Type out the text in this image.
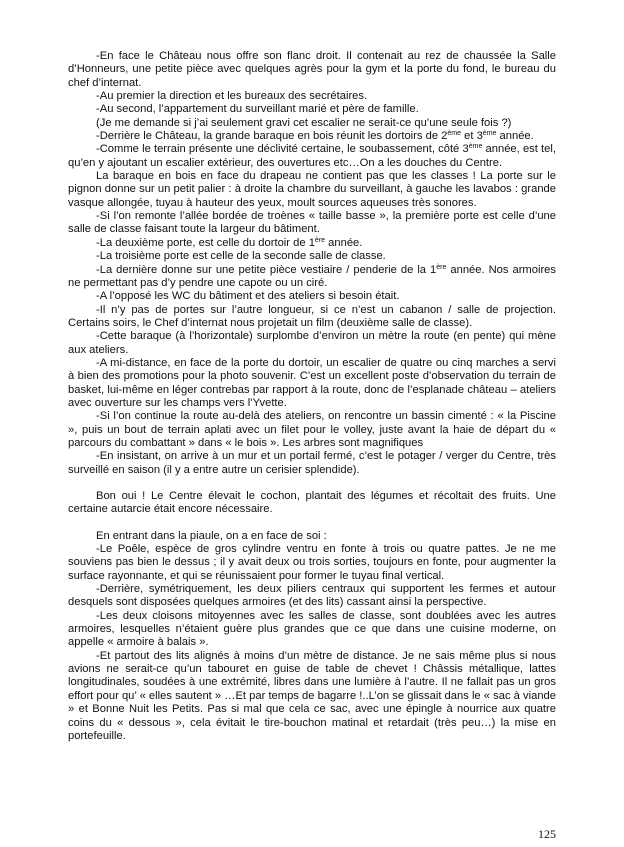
-En face le Château nous offre son flanc droit. Il contenait au rez de chaussée la Salle d’Honneurs, une petite pièce avec quelques agrès pour la gym et la porte du fond, le bureau du chef d’internat.

-Au premier la direction et les bureaux des secrétaires.

-Au second, l’appartement du surveillant marié et père de famille.

(Je me demande si j’ai seulement gravi cet escalier ne serait-ce qu’une seule fois ?)

-Derrière le Château, la grande baraque en bois réunit les dortoirs de 2ème et 3ème année.

-Comme le terrain présente une déclivité certaine, le soubassement, côté 3ème année, est tel, qu’en y ajoutant un escalier extérieur, des ouvertures etc…On a les douches du Centre.

La baraque en bois en face du drapeau ne contient pas que les classes ! La porte sur le pignon donne sur un petit palier : à droite la chambre du surveillant, à gauche les lavabos : grande vasque allongée, tuyau à hauteur des yeux, moult sources aqueuses très sonores.

-Si l’on remonte l’allée bordée de troènes « taille basse », la première porte est celle d’une salle de classe faisant toute la largeur du bâtiment.

-La deuxième porte, est celle du dortoir de 1ère année.

-La troisième porte est celle de la seconde salle de classe.

-La dernière donne sur une petite pièce vestiaire / penderie de la 1ère année. Nos armoires ne permettant pas d’y pendre une capote ou un ciré.

-A l’opposé les WC du bâtiment et des ateliers si besoin était.

-Il n’y pas de portes sur l’autre longueur, si ce n’est un cabanon / salle de projection. Certains soirs, le Chef d’internat nous projetait un film (deuxième salle de classe).

-Cette baraque (à l’horizontale) surplombe d’environ un mètre la route (en pente) qui mène aux ateliers.

-A mi-distance, en face de la porte du dortoir, un escalier de quatre ou cinq marches a servi à bien des promotions pour la photo souvenir. C’est un excellent poste d’observation du terrain de basket, lui-même en léger contrebas par rapport à la route, donc de l’esplanade château – ateliers avec ouverture sur les champs vers l’Yvette.

-Si l’on continue la route au-delà des ateliers, on rencontre un bassin cimenté : « la Piscine », puis un bout de terrain aplati avec un filet pour le volley, juste avant la haie de départ du « parcours du combattant » dans « le bois ». Les arbres sont magnifiques

-En insistant, on arrive à un mur et un portail fermé, c’est le potager / verger du Centre, très surveillé en saison (il y a entre autre un cerisier splendide).

Bon oui ! Le Centre élevait le cochon, plantait des légumes et récoltait des fruits. Une certaine autarcie était encore nécessaire.

En entrant dans la piaule, on a en face de soi :

-Le Poêle, espèce de gros cylindre ventru en fonte à trois ou quatre pattes. Je ne me souviens pas bien le dessus ; il y avait deux ou trois sorties, toujours en fonte, pour augmenter la surface rayonnante, et qui se réunissaient pour former le tuyau final vertical.

-Derrière, symétriquement, les deux piliers centraux qui supportent les fermes et autour desquels sont disposées quelques armoires (et des lits) cassant ainsi la perspective.

-Les deux cloisons mitoyennes avec les salles de classe, sont doublées avec les autres armoires, lesquelles n’étaient guère plus grandes que ce que dans une cuisine moderne, on appelle « armoire à balais ».

-Et partout des lits alignés à moins d’un mètre de distance. Je ne sais même plus si nous avions ne serait-ce qu’un tabouret en guise de table de chevet ! Châssis métallique, lattes longitudinales, soudées à une extrémité, libres dans une lumière à l’autre. Il ne fallait pas un gros effort pour qu’ « elles sautent » …Et par temps de bagarre !..L’on se glissait dans le « sac à viande » et Bonne Nuit les Petits. Pas si mal que cela ce sac, avec une épingle à nourrice aux quatre coins du « dessous », cela évitait le tire-bouchon matinal et retardait (très peu…) la mise en portefeuille.

125
